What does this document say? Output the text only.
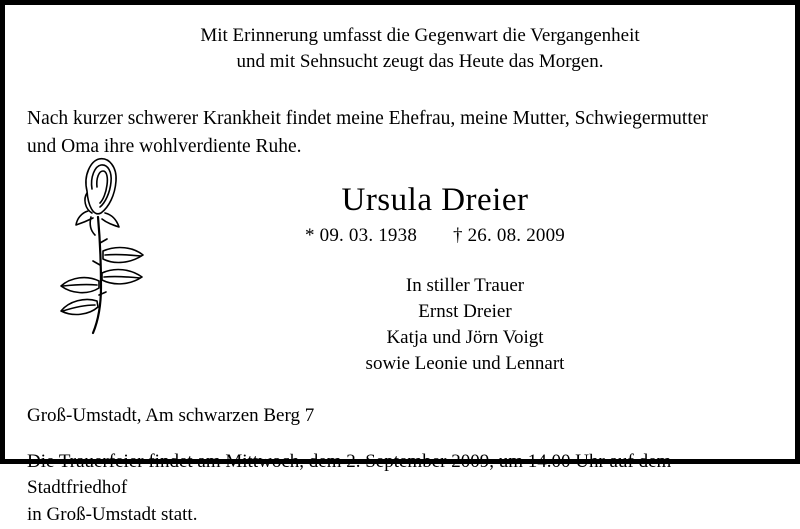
Mit Erinnerung umfasst die Gegenwart die Vergangenheit
und mit Sehnsucht zeugt das Heute das Morgen.
Nach kurzer schwerer Krankheit findet meine Ehefrau, meine Mutter, Schwiegermutter
und Oma ihre wohlverdiente Ruhe.
Ursula Dreier
* 09. 03. 1938 † 26. 08. 2009
In stiller Trauer
Ernst Dreier
Katja und Jörn Voigt
sowie Leonie und Lennart
Groß-Umstadt, Am schwarzen Berg 7
Die Trauerfeier findet am Mittwoch, dem 2. September 2009, um 14.00 Uhr auf dem Stadtfriedhof
in Groß-Umstadt statt.
